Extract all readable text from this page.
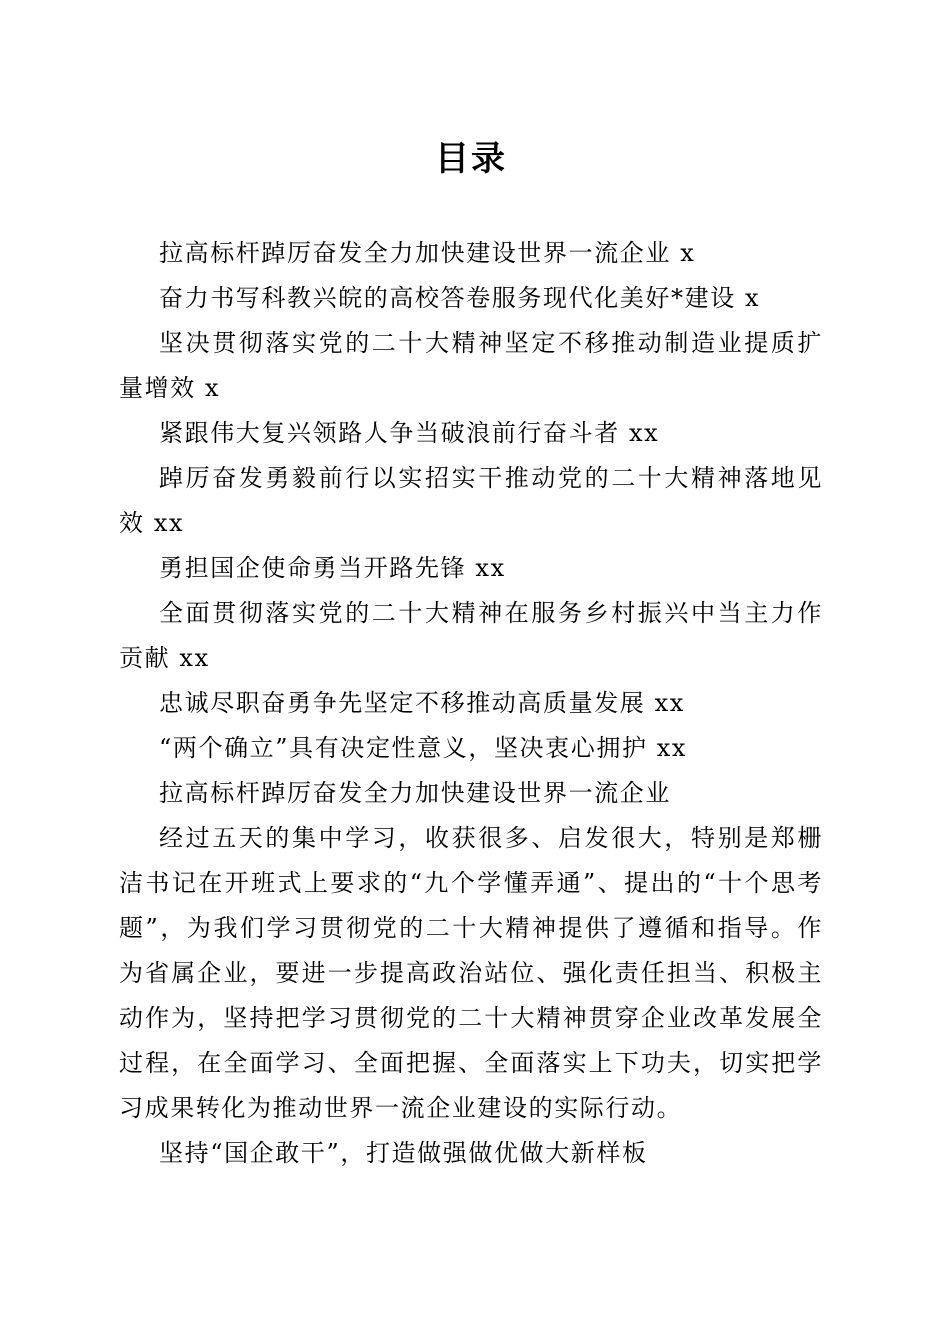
目录

拉高标杆踔厉奋发全力加快建设世界一流企业 x

奋力书写科教兴皖的高校答卷服务现代化美好*建设 x

坚决贯彻落实党的二十大精神坚定不移推动制造业提质扩量增效 x

紧跟伟大复兴领路人争当破浪前行奋斗者 xx

踔厉奋发勇毅前行以实招实干推动党的二十大精神落地见效 xx

勇担国企使命勇当开路先锋 xx

全面贯彻落实党的二十大精神在服务乡村振兴中当主力作贡献 xx

忠诚尽职奋勇争先坚定不移推动高质量发展 xx

“两个确立”具有决定性意义，坚决衷心拥护 xx

拉高标杆踔厉奋发全力加快建设世界一流企业

经过五天的集中学习，收获很多、启发很大，特别是郑栅洁书记在开班式上要求的“九个学懂弄通”、提出的“十个思考题”，为我们学习贯彻党的二十大精神提供了遵循和指导。作为省属企业，要进一步提高政治站位、强化责任担当、积极主动作为，坚持把学习贯彻党的二十大精神贯穿企业改革发展全过程，在全面学习、全面把握、全面落实上下功夫，切实把学习成果转化为推动世界一流企业建设的实际行动。

坚持“国企敢干”，打造做强做优做大新样板
